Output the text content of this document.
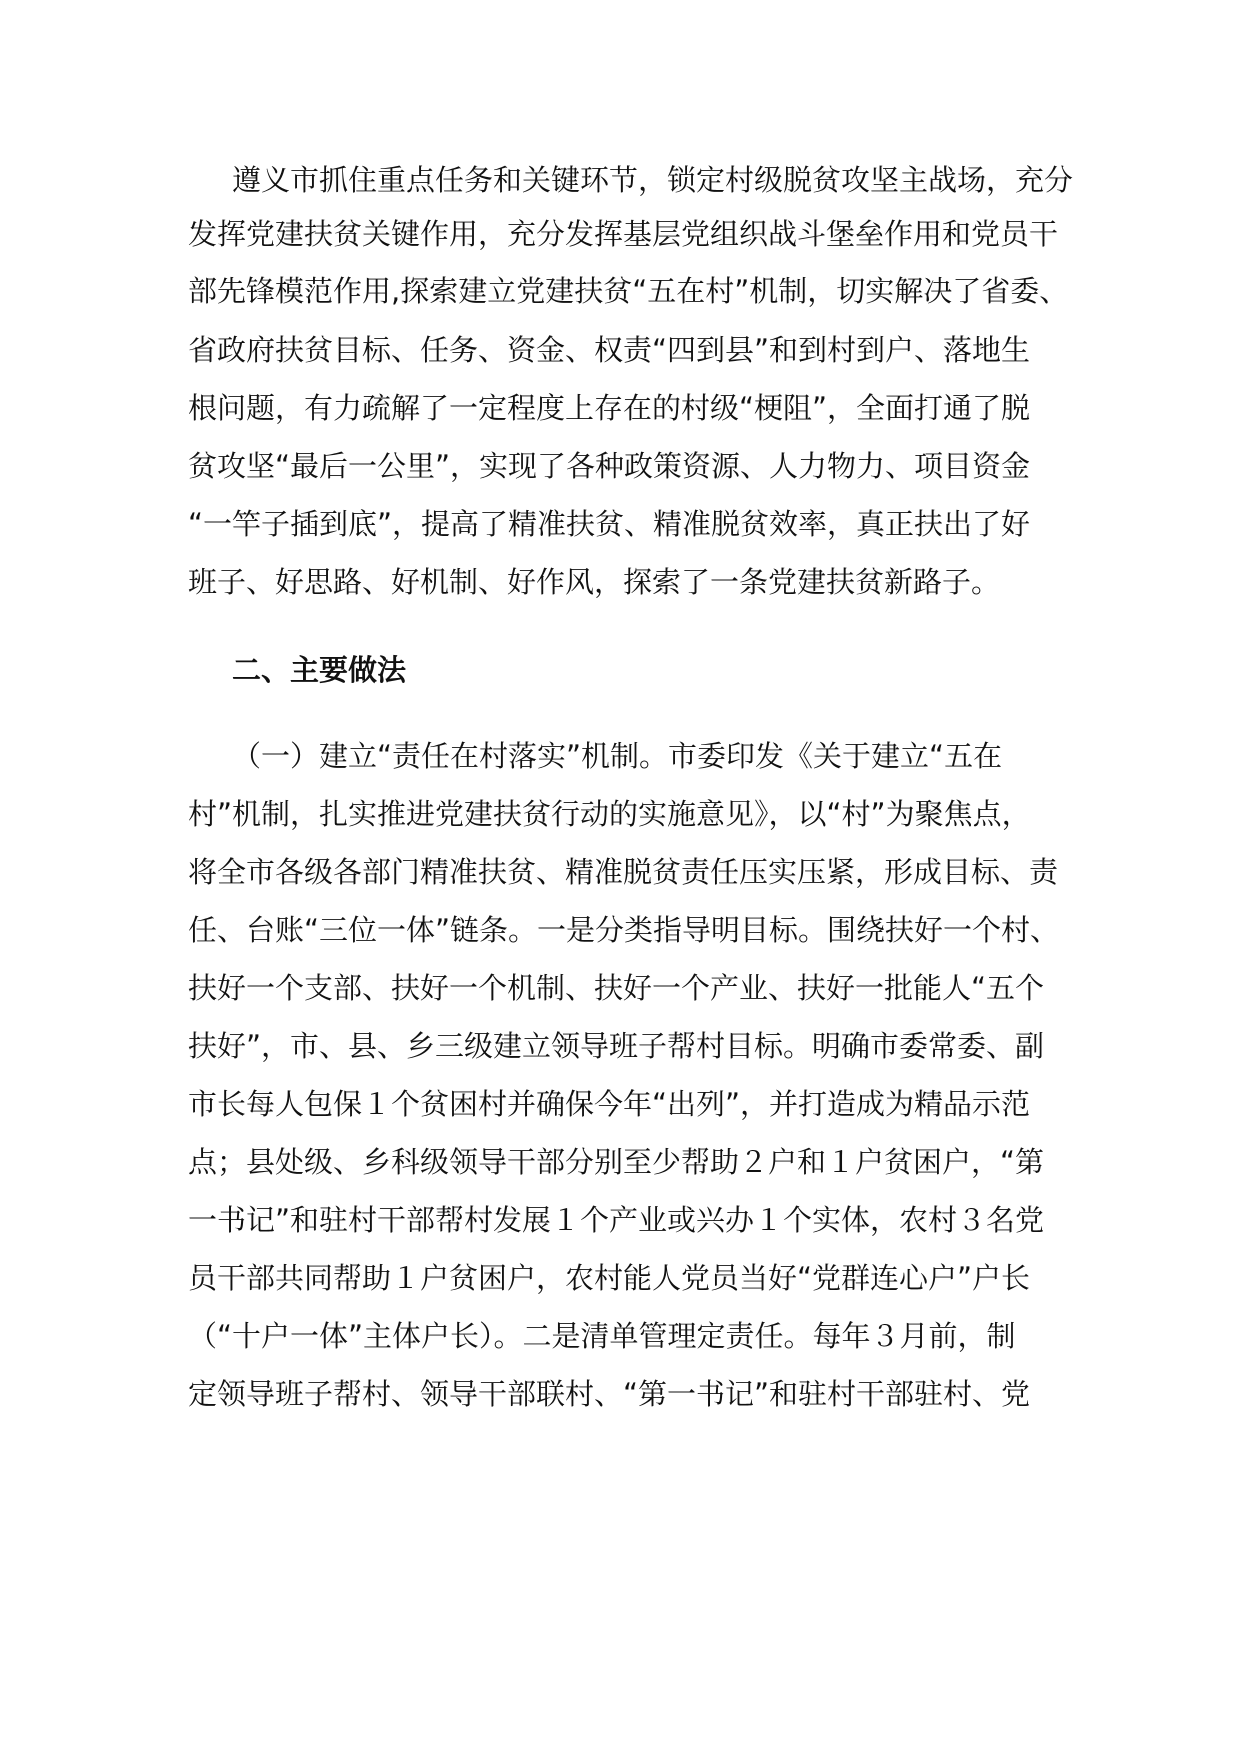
遵义市抓住重点任务和关键环节，锁定村级脱贫攻坚主战场，充分
发挥党建扶贫关键作用，充分发挥基层党组织战斗堡垒作用和党员干
部先锋模范作用,探索建立党建扶贫“五在村”机制，切实解决了省委、
省政府扶贫目标、任务、资金、权责“四到县”和到村到户、落地生
根问题，有力疏解了一定程度上存在的村级“梗阻”，全面打通了脱
贫攻坚“最后一公里”，实现了各种政策资源、人力物力、项目资金
“一竿子插到底”，提高了精准扶贫、精准脱贫效率，真正扶出了好
班子、好思路、好机制、好作风，探索了一条党建扶贫新路子。
二、主要做法
（一）建立“责任在村落实”机制。市委印发《关于建立“五在
村”机制，扎实推进党建扶贫行动的实施意见》，以“村”为聚焦点，
将全市各级各部门精准扶贫、精准脱贫责任压实压紧，形成目标、责
任、台账“三位一体”链条。一是分类指导明目标。围绕扶好一个村、
扶好一个支部、扶好一个机制、扶好一个产业、扶好一批能人“五个
扶好”，市、县、乡三级建立领导班子帮村目标。明确市委常委、副
市长每人包保１个贫困村并确保今年“出列”，并打造成为精品示范
点；县处级、乡科级领导干部分别至少帮助２户和１户贫困户，“第
一书记”和驻村干部帮村发展１个产业或兴办１个实体，农村３名党
员干部共同帮助１户贫困户，农村能人党员当好“党群连心户”户长
（“十户一体”主体户长）。二是清单管理定责任。每年３月前，制
定领导班子帮村、领导干部联村、“第一书记”和驻村干部驻村、党
